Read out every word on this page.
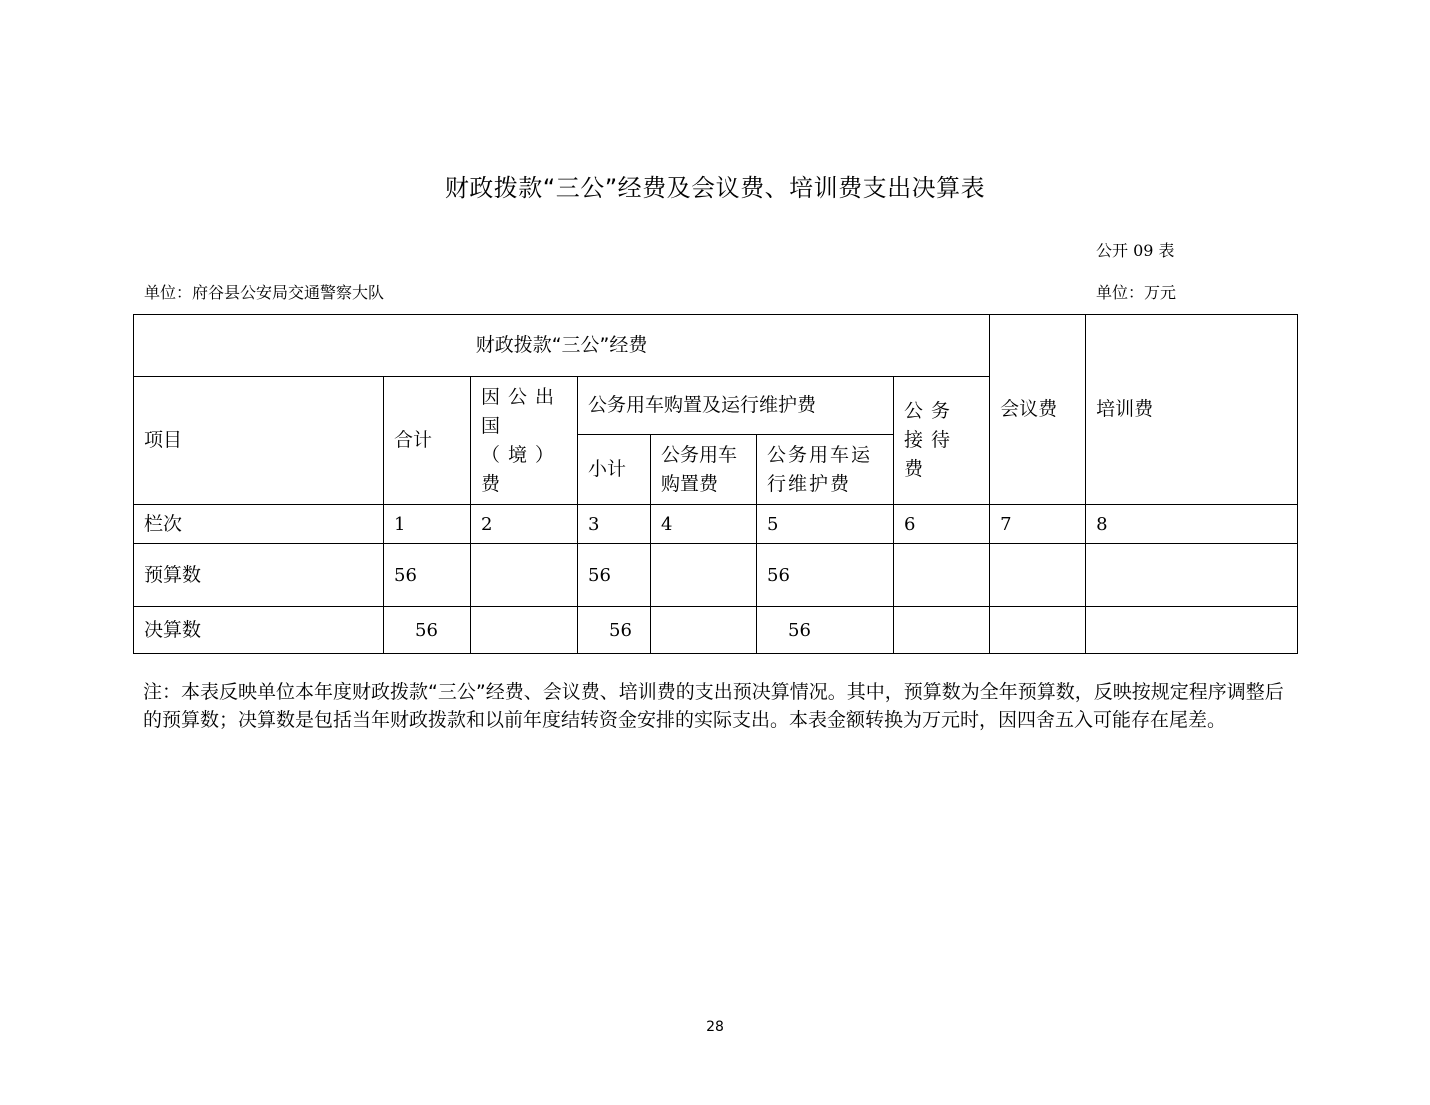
财政拨款“三公”经费及会议费、培训费支出决算表
公开 09 表
单位：府谷县公安局交通警察大队	单位：万元
财政拨款“三公”经费							会议费	培训费
项目	合计	因公出国（境）费	公务用车购置及运行维护费			公务接待费		
			小计	公务用车购置费	公务用车运行维护费			
栏次	1	2	3	4	5	6	7	8
预算数	56		56		56			
决算数	56		56		56			
注：本表反映单位本年度财政拨款“三公”经费、会议费、培训费的支出预决算情况。其中，预算数为全年预算数，反映按规定程序调整后的预算数；决算数是包括当年财政拨款和以前年度结转资金安排的实际支出。本表金额转换为万元时，因四舍五入可能存在尾差。
28
